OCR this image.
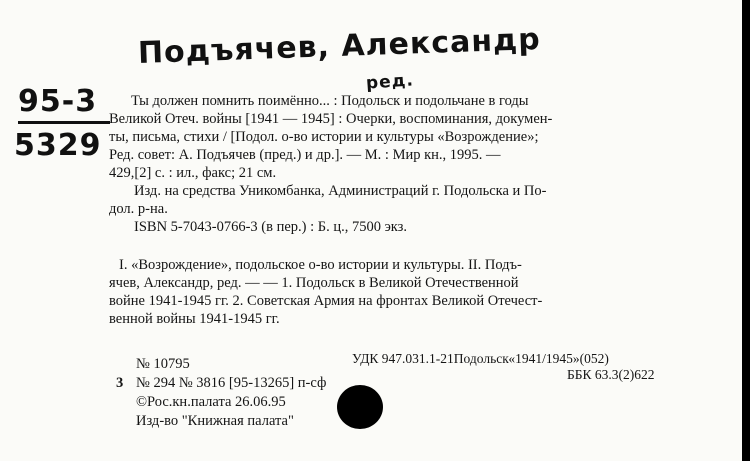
Подъячев, Александр
ред.
95-3
5329
Ты должен помнить поимённо... : Подольск и подольчане в годы
Великой Отеч. войны [1941 — 1945] : Очерки, воспоминания, докумен-
ты, письма, стихи / [Подол. о-во истории и культуры «Возрождение»;
Ред. совет: А. Подъячев (пред.) и др.]. — М. : Мир кн., 1995. —
429,[2] с. : ил., факс; 21 см.
Изд. на средства Уникомбанка, Администраций г. Подольска и По-
дол. р-на.
ISBN 5-7043-0766-3 (в пер.) : Б. ц., 7500 экз.
I. «Возрождение», подольское о-во истории и культуры. II. Подъ-
ячев, Александр, ред. — — 1. Подольск в Великой Отечественной
войне 1941-1945 гг. 2. Советская Армия на фронтах Великой Отечест-
венной войны 1941-1945 гг.
№ 10795	УДК 947.031.1-21Подольск«1941/1945»(052)
3 № 294 № 3816 [95-13265] п-сф
ББК 63.3(2)622
©Рос.кн.палата 26.06.95
Изд-во "Книжная палата"
